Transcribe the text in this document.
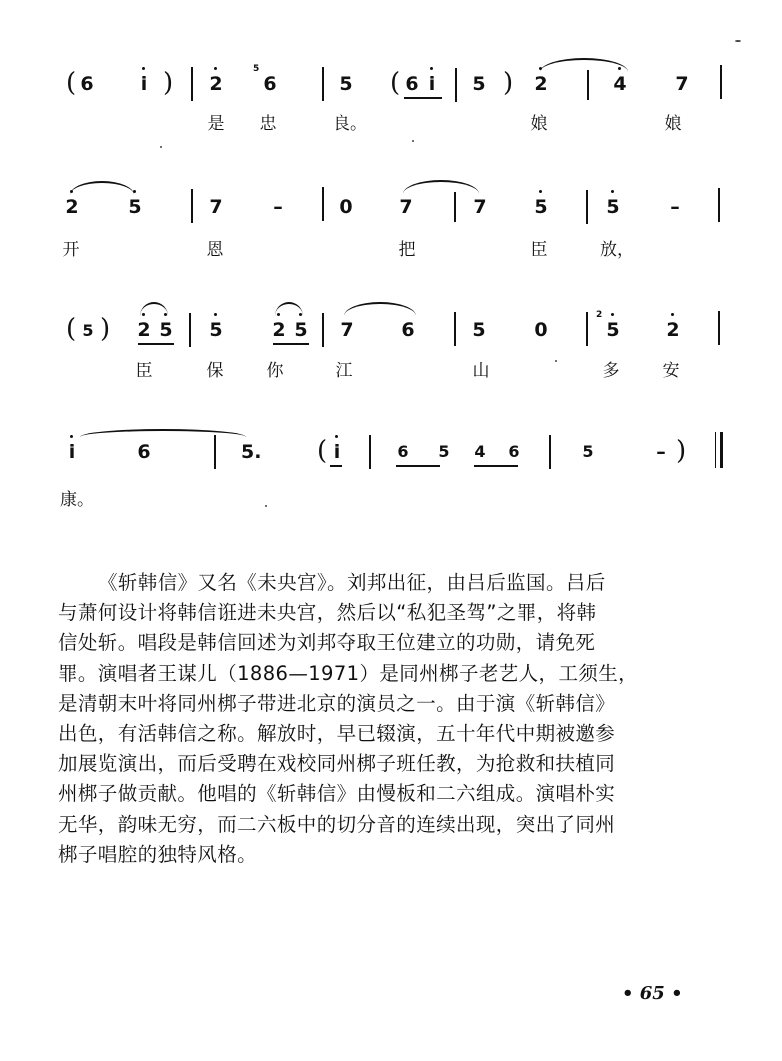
( 6	i ) 2
5
6	5 ( 6 i	5 ) 2	4	7
是 忠	良。	娘	娘
2	5	7	–	0 7	7	5	5	–
开	恩	把	臣	放，
( 5 ) 2 5 5	2 5 7	6	5	0
2
5 2
臣	保	你	江	山	多	安
i	6	5.	( i	6 5 4 6	5	– )
康。
《斩韩信》又名《未央宫》。刘邦出征，由吕后监国。吕后
与萧何设计将韩信诳进未央宫，然后以“私犯圣驾”之罪，将韩
信处斩。唱段是韩信回述为刘邦夺取王位建立的功勋，请免死
罪。演唱者王谋儿（1886—1971）是同州梆子老艺人，工须生，
是清朝末叶将同州梆子带进北京的演员之一。由于演《斩韩信》
出色，有活韩信之称。解放时，早已辍演，五十年代中期被邀参
加展览演出，而后受聘在戏校同州梆子班任教，为抢救和扶植同
州梆子做贡献。他唱的《斩韩信》由慢板和二六组成。演唱朴实
无华，韵味无穷，而二六板中的切分音的连续出现，突出了同州
梆子唱腔的独特风格。
• 65 •
